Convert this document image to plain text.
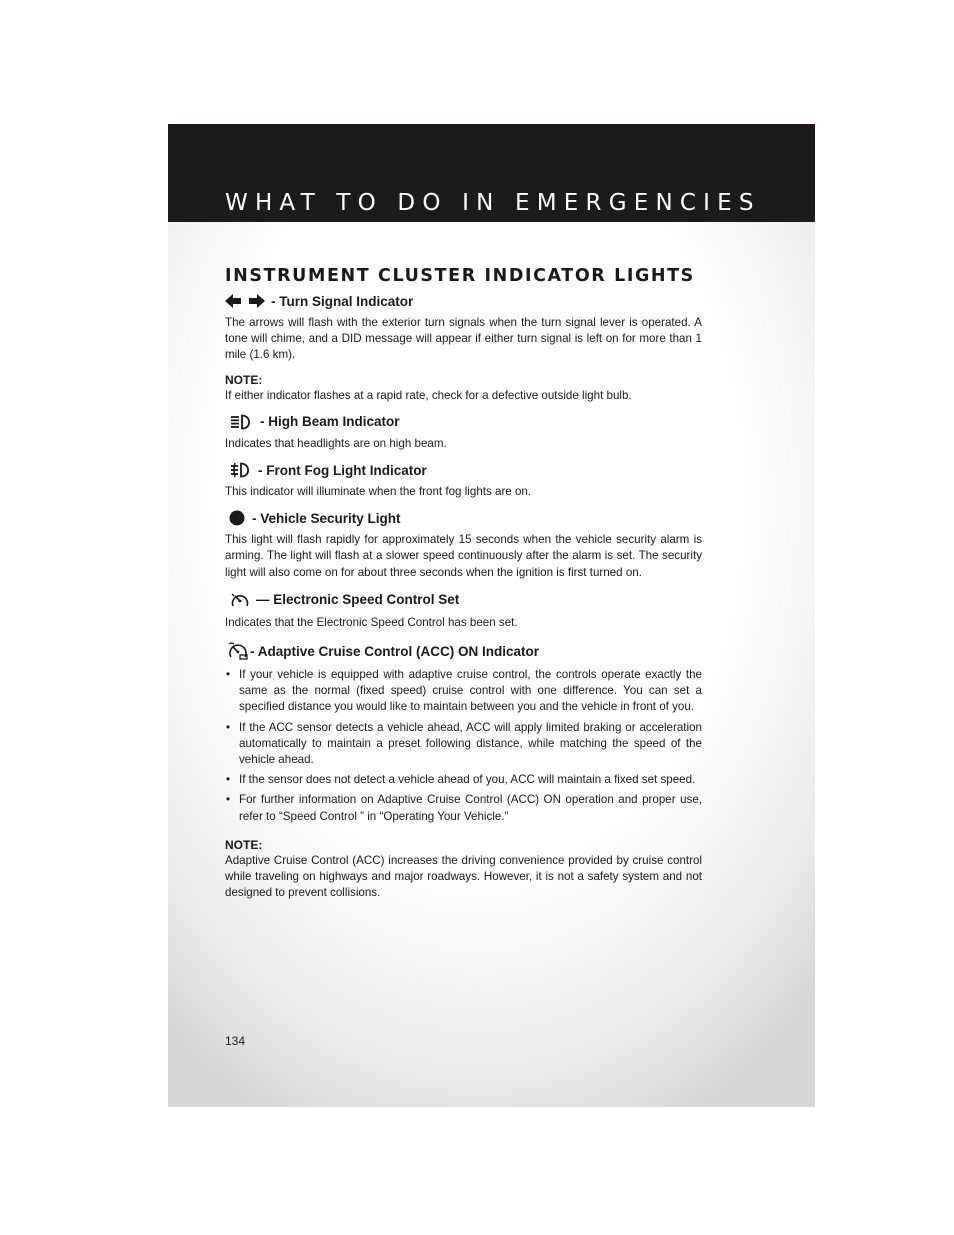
WHAT TO DO IN EMERGENCIES
INSTRUMENT CLUSTER INDICATOR LIGHTS
- Turn Signal Indicator

The arrows will flash with the exterior turn signals when the turn signal lever is operated. A tone will chime, and a DID message will appear if either turn signal is left on for more than 1 mile (1.6 km).

NOTE:

If either indicator flashes at a rapid rate, check for a defective outside light bulb.

- High Beam Indicator

Indicates that headlights are on high beam.

- Front Fog Light Indicator

This indicator will illuminate when the front fog lights are on.

- Vehicle Security Light

This light will flash rapidly for approximately 15 seconds when the vehicle security alarm is arming. The light will flash at a slower speed continuously after the alarm is set. The security light will also come on for about three seconds when the ignition is first turned on.

— Electronic Speed Control Set

Indicates that the Electronic Speed Control has been set.

- Adaptive Cruise Control (ACC) ON Indicator
• If your vehicle is equipped with adaptive cruise control, the controls operate exactly the same as the normal (fixed speed) cruise control with one difference. You can set a specified distance you would like to maintain between you and the vehicle in front of you.
• If the ACC sensor detects a vehicle ahead, ACC will apply limited braking or acceleration automatically to maintain a preset following distance, while matching the speed of the vehicle ahead.
• If the sensor does not detect a vehicle ahead of you, ACC will maintain a fixed set speed.
• For further information on Adaptive Cruise Control (ACC) ON operation and proper use, refer to “Speed Control ” in “Operating Your Vehicle.”
NOTE:

Adaptive Cruise Control (ACC) increases the driving convenience provided by cruise control while traveling on highways and major roadways. However, it is not a safety system and not designed to prevent collisions.

134
